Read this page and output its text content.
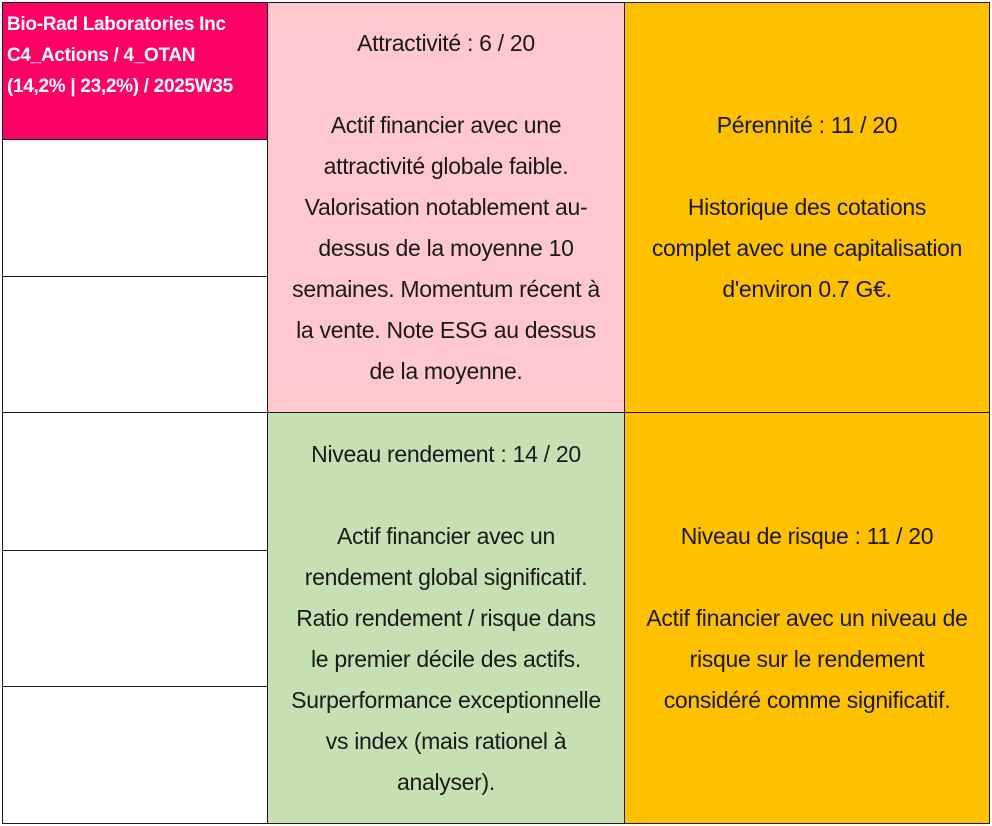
Bio-Rad Laboratories Inc
C4_Actions / 4_OTAN
(14,2% | 23,2%) / 2025W35
Attractivité : 6 / 20
Actif financier avec une
attractivité globale faible.
Valorisation notablement au-
dessus de la moyenne 10
semaines. Momentum récent à
la vente. Note ESG au dessus
de la moyenne.
Pérennité : 11 / 20
Historique des cotations
complet avec une capitalisation
d'environ 0.7 G€.
Niveau rendement : 14 / 20
Actif financier avec un
rendement global significatif.
Ratio rendement / risque dans
le premier décile des actifs.
Surperformance exceptionnelle
vs index (mais rationel à
analyser).
Niveau de risque : 11 / 20
Actif financier avec un niveau de
risque sur le rendement
considéré comme significatif.
